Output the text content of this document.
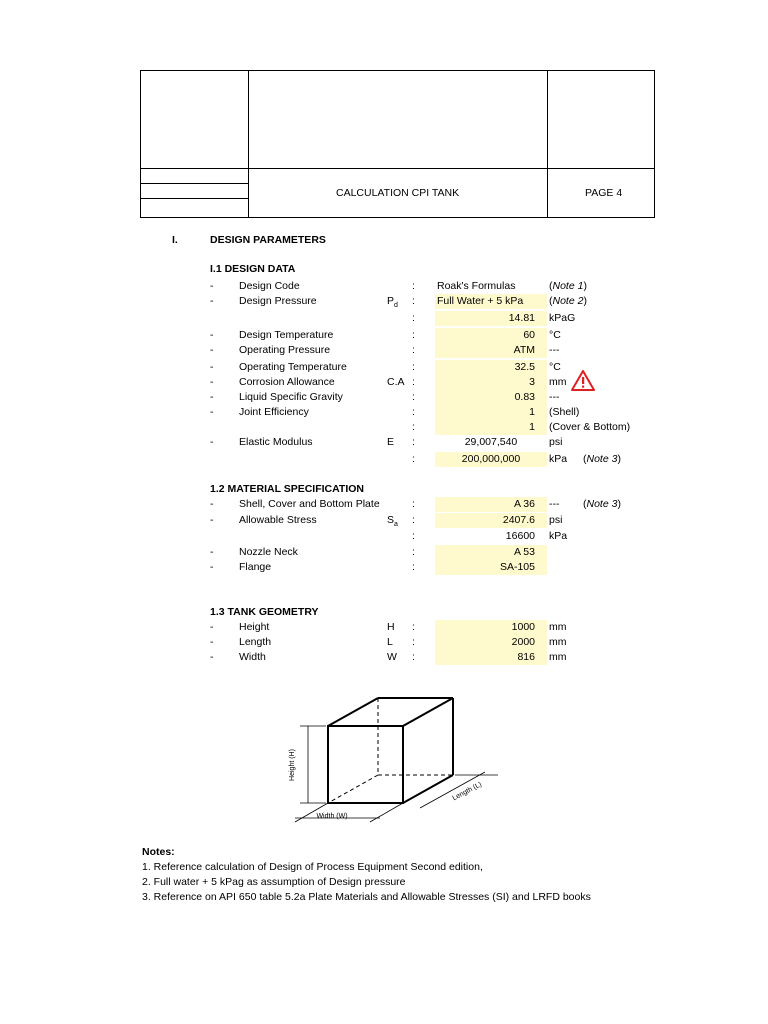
CALCULATION CPI TANK	PAGE 4
I.	DESIGN PARAMETERS
I.1 DESIGN DATA
- Design Code	: Roak's Formulas	(Note 1)
- Design Pressure	$P_d$ : Full Water + 5 kPa	(Note 2)
:	14.81	kPaG
- Design Temperature	:	60	°C
- Operating Pressure	:	ATM	---
- Operating Temperature	:	32.5	°C
- Corrosion Allowance	C.A :	3	mm
- Liquid Specific Gravity	:	0.83	---
- Joint Efficiency	:	1	(Shell)
:	1	(Cover & Bottom)
- Elastic Modulus	E :	29,007,540	psi
:	200,000,000	kPa (Note 3)
1.2 MATERIAL SPECIFICATION
- Shell, Cover and Bottom Plate	:	A 36	--- (Note 3)
- Allowable Stress	$S_a$ :	2407.6	psi
:	16600	kPa
- Nozzle Neck	:	A 53
- Flange	:	SA-105
1.3 TANK GEOMETRY
- Height	H :	1000	mm
- Length	L :	2000	mm
- Width	W :	816	mm
Height (H)
Width (W)
Length (L)
Notes:
1. Reference calculation of Design of Process Equipment Second edition,
2. Full water + 5 kPag as assumption of Design pressure
3. Reference on API 650 table 5.2a Plate Materials and Allowable Stresses (SI) and LRFD books
